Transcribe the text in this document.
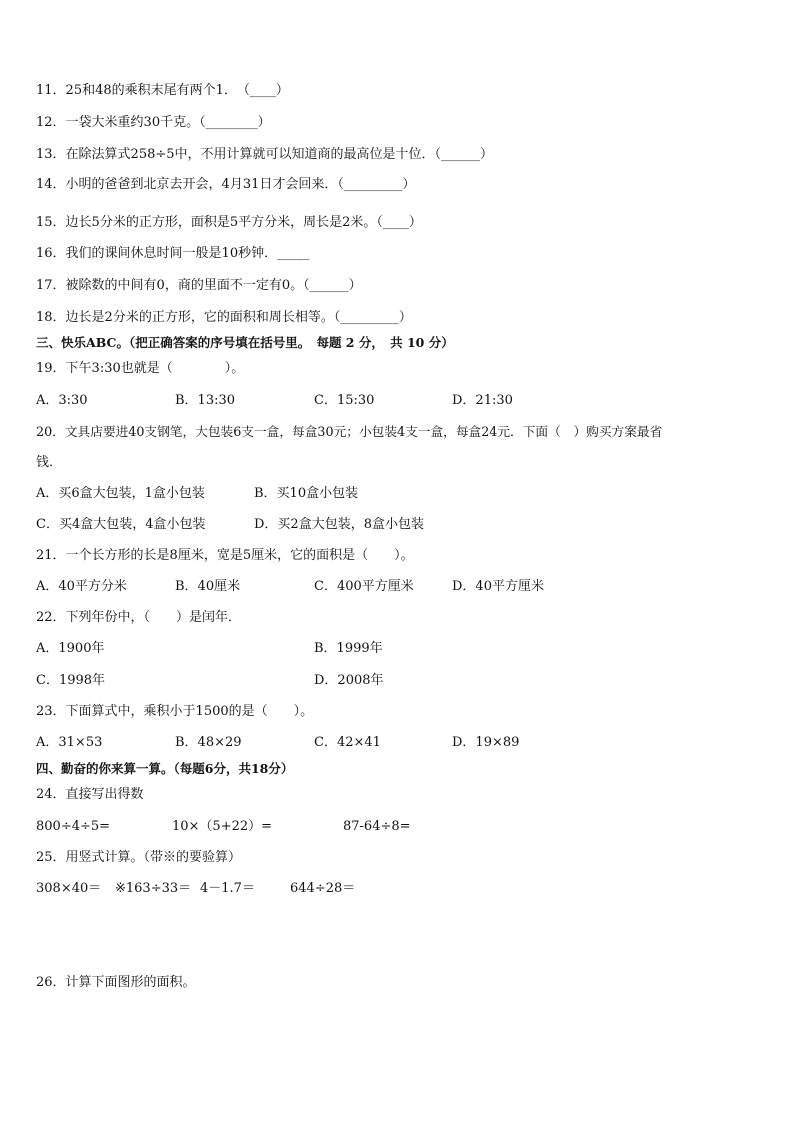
11．25和48的乘积末尾有两个1．　（____）
12．一袋大米重约30千克。（________）
13．在除法算式258÷5中，不用计算就可以知道商的最高位是十位．（______）
14．小明的爸爸到北京去开会，4月31日才会回来．（_________）
15．边长5分米的正方形，面积是5平方分米，周长是2米。（____）
16．我们的课间休息时间一般是10秒钟．_____
17．被除数的中间有0，商的里面不一定有0。（______）
18．边长是2分米的正方形，它的面积和周长相等。（_________）
三、快乐ABC。（把正确答案的序号填在括号里。　每题 2 分，　共 10 分）
19．下午3:30也就是（　　　　）。
A．3:30	B．13:30	C．15:30	D．21:30
20．文具店要进40支钢笔，大包装6支一盒，每盒30元；小包装4支一盒，每盒24元．下面（　）购买方案最省
钱．
A．买6盒大包装，1盒小包装	B．买10盒小包装
C．买4盒大包装，4盒小包装	D．买2盒大包装，8盒小包装
21．一个长方形的长是8厘米，宽是5厘米，它的面积是（　　）。
A．40平方分米	B．40厘米	C．400平方厘米	D．40平方厘米
22．下列年份中，（　　）是闰年．
A．1900年	B．1999年
C．1998年	D．2008年
23．下面算式中，乘积小于1500的是（　　）。
A．31×53	B．48×29	C．42×41	D．19×89
四、勤奋的你来算一算。（每题6分，共18分）
24．直接写出得数
800÷4÷5=	10×（5+22）=	87-64÷8=
25．用竖式计算。（带※的要验算）
308×40＝ ※163÷33＝ 4－1.7＝	644÷28＝
26．计算下面图形的面积。
